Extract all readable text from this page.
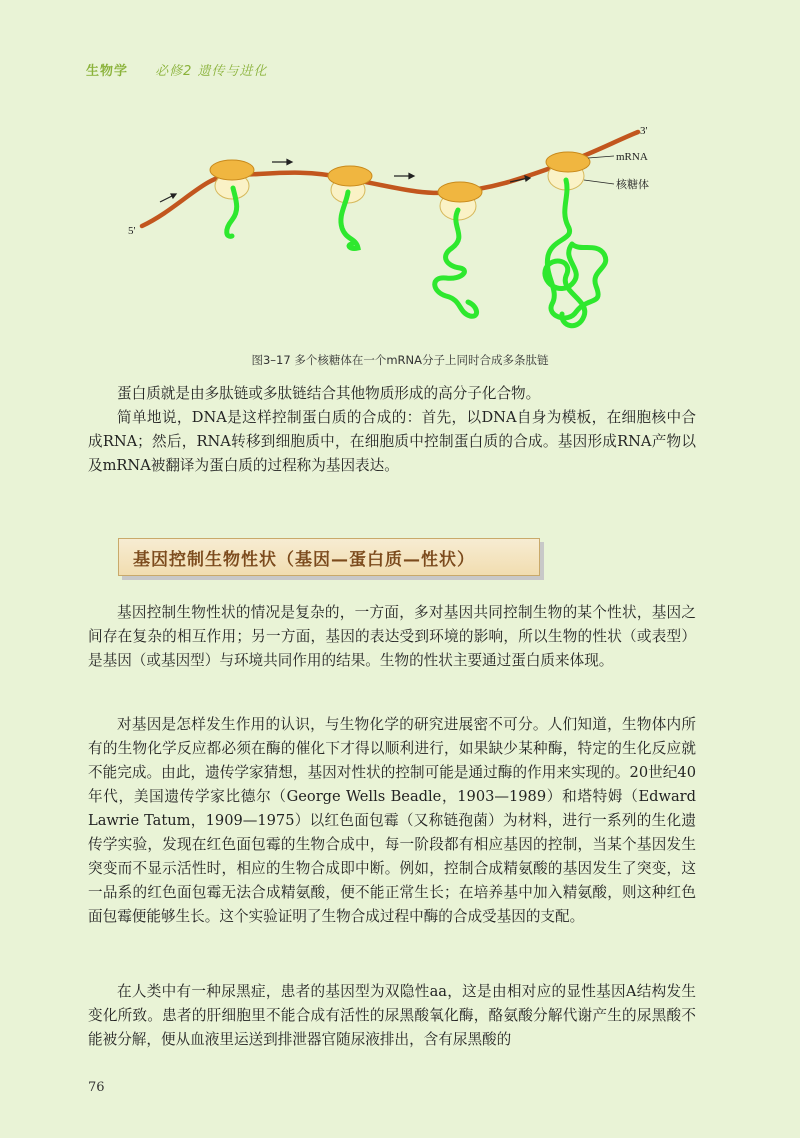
生物学 必修2 遗传与进化
3'
5'
mRNA
核糖体
图3–17 多个核糖体在一个mRNA分子上同时合成多条肽链

蛋白质就是由多肽链或多肽链结合其他物质形成的高分子化合物。

简单地说，DNA是这样控制蛋白质的合成的：首先，以DNA自身为模板，在细胞核中合成RNA；然后，RNA转移到细胞质中，在细胞质中控制蛋白质的合成。基因形成RNA产物以及mRNA被翻译为蛋白质的过程称为基因表达。

基因控制生物性状（基因—蛋白质—性状）

基因控制生物性状的情况是复杂的，一方面，多对基因共同控制生物的某个性状，基因之间存在复杂的相互作用；另一方面，基因的表达受到环境的影响，所以生物的性状（或表型）是基因（或基因型）与环境共同作用的结果。生物的性状主要通过蛋白质来体现。

对基因是怎样发生作用的认识，与生物化学的研究进展密不可分。人们知道，生物体内所有的生物化学反应都必须在酶的催化下才得以顺利进行，如果缺少某种酶，特定的生化反应就不能完成。由此，遗传学家猜想，基因对性状的控制可能是通过酶的作用来实现的。20世纪40年代，美国遗传学家比德尔（George Wells Beadle，1903—1989）和塔特姆（Edward Lawrie Tatum，1909—1975）以红色面包霉（又称链孢菌）为材料，进行一系列的生化遗传学实验，发现在红色面包霉的生物合成中，每一阶段都有相应基因的控制，当某个基因发生突变而不显示活性时，相应的生物合成即中断。例如，控制合成精氨酸的基因发生了突变，这一品系的红色面包霉无法合成精氨酸，便不能正常生长；在培养基中加入精氨酸，则这种红色面包霉便能够生长。这个实验证明了生物合成过程中酶的合成受基因的支配。

在人类中有一种尿黑症，患者的基因型为双隐性aa，这是由相对应的显性基因A结构发生变化所致。患者的肝细胞里不能合成有活性的尿黑酸氧化酶，酪氨酸分解代谢产生的尿黑酸不能被分解，便从血液里运送到排泄器官随尿液排出，含有尿黑酸的

76
